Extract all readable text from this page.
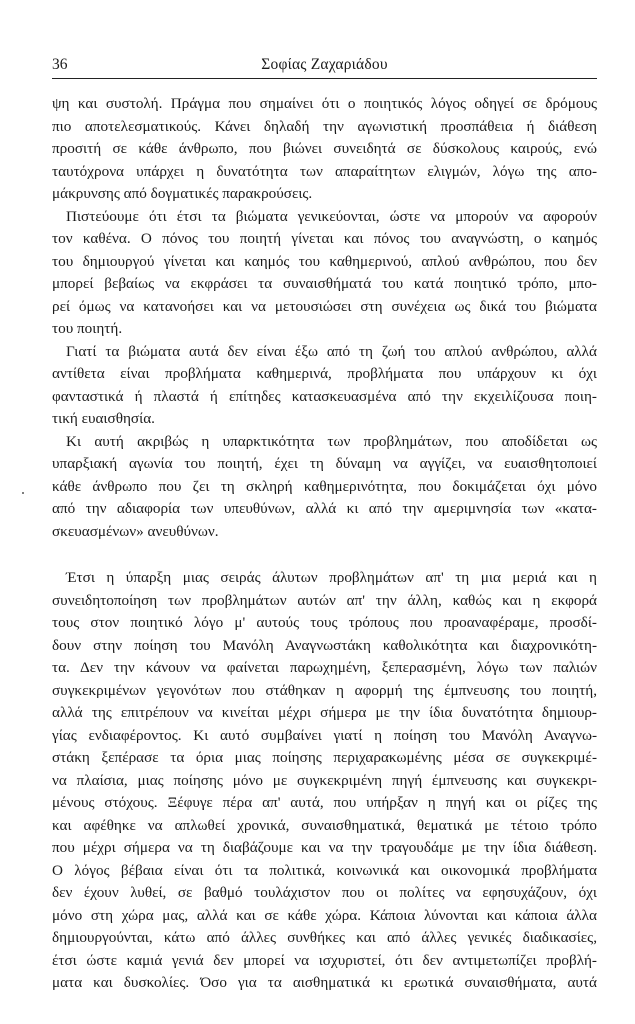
36	Σοφίας Ζαχαριάδου
ψη και συστολή. Πράγμα που σημαίνει ότι ο ποιητικός λόγος οδηγεί σε δρόμους
πιο αποτελεσματικούς. Κάνει δηλαδή την αγωνιστική προσπάθεια ή διάθεση
προσιτή σε κάθε άνθρωπο, που βιώνει συνειδητά σε δύσκολους καιρούς, ενώ
ταυτόχρονα υπάρχει η δυνατότητα των απαραίτητων ελιγμών, λόγω της απο-
μάκρυνσης από δογματικές παρακρούσεις.
Πιστεύουμε ότι έτσι τα βιώματα γενικεύονται, ώστε να μπορούν να αφορούν
τον καθένα. Ο πόνος του ποιητή γίνεται και πόνος του αναγνώστη, ο καημός
του δημιουργού γίνεται και καημός του καθημερινού, απλού ανθρώπου, που δεν
μπορεί βεβαίως να εκφράσει τα συναισθήματά του κατά ποιητικό τρόπο, μπο-
ρεί όμως να κατανοήσει και να μετουσιώσει στη συνέχεια ως δικά του βιώματα
του ποιητή.
Γιατί τα βιώματα αυτά δεν είναι έξω από τη ζωή του απλού ανθρώπου, αλλά
αντίθετα είναι προβλήματα καθημερινά, προβλήματα που υπάρχουν κι όχι
φανταστικά ή πλαστά ή επίτηδες κατασκευασμένα από την εκχειλίζουσα ποιη-
τική ευαισθησία.
Κι αυτή ακριβώς η υπαρκτικότητα των προβλημάτων, που αποδίδεται ως
υπαρξιακή αγωνία του ποιητή, έχει τη δύναμη να αγγίζει, να ευαισθητοποιεί
κάθε άνθρωπο που ζει τη σκληρή καθημερινότητα, που δοκιμάζεται όχι μόνο
από την αδιαφορία των υπευθύνων, αλλά κι από την αμεριμνησία των «κατα-
σκευασμένων» ανευθύνων.
Έτσι η ύπαρξη μιας σειράς άλυτων προβλημάτων απ' τη μια μεριά και η
συνειδητοποίηση των προβλημάτων αυτών απ' την άλλη, καθώς και η εκφορά
τους στον ποιητικό λόγο μ' αυτούς τους τρόπους που προαναφέραμε, προσδί-
δουν στην ποίηση του Μανόλη Αναγνωστάκη καθολικότητα και διαχρονικότη-
τα. Δεν την κάνουν να φαίνεται παρωχημένη, ξεπερασμένη, λόγω των παλιών
συγκεκριμένων γεγονότων που στάθηκαν η αφορμή της έμπνευσης του ποιητή,
αλλά της επιτρέπουν να κινείται μέχρι σήμερα με την ίδια δυνατότητα δημιουρ-
γίας ενδιαφέροντος. Κι αυτό συμβαίνει γιατί η ποίηση του Μανόλη Αναγνω-
στάκη ξεπέρασε τα όρια μιας ποίησης περιχαρακωμένης μέσα σε συγκεκριμέ-
να πλαίσια, μιας ποίησης μόνο με συγκεκριμένη πηγή έμπνευσης και συγκεκρι-
μένους στόχους. Ξέφυγε πέρα απ' αυτά, που υπήρξαν η πηγή και οι ρίζες της
και αφέθηκε να απλωθεί χρονικά, συναισθηματικά, θεματικά με τέτοιο τρόπο
που μέχρι σήμερα να τη διαβάζουμε και να την τραγουδάμε με την ίδια διάθεση.
Ο λόγος βέβαια είναι ότι τα πολιτικά, κοινωνικά και οικονομικά προβλήματα
δεν έχουν λυθεί, σε βαθμό τουλάχιστον που οι πολίτες να εφησυχάζουν, όχι
μόνο στη χώρα μας, αλλά και σε κάθε χώρα. Κάποια λύνονται και κάποια άλλα
δημιουργούνται, κάτω από άλλες συνθήκες και από άλλες γενικές διαδικασίες,
έτσι ώστε καμιά γενιά δεν μπορεί να ισχυριστεί, ότι δεν αντιμετωπίζει προβλή-
ματα και δυσκολίες. Όσο για τα αισθηματικά κι ερωτικά συναισθήματα, αυτά
